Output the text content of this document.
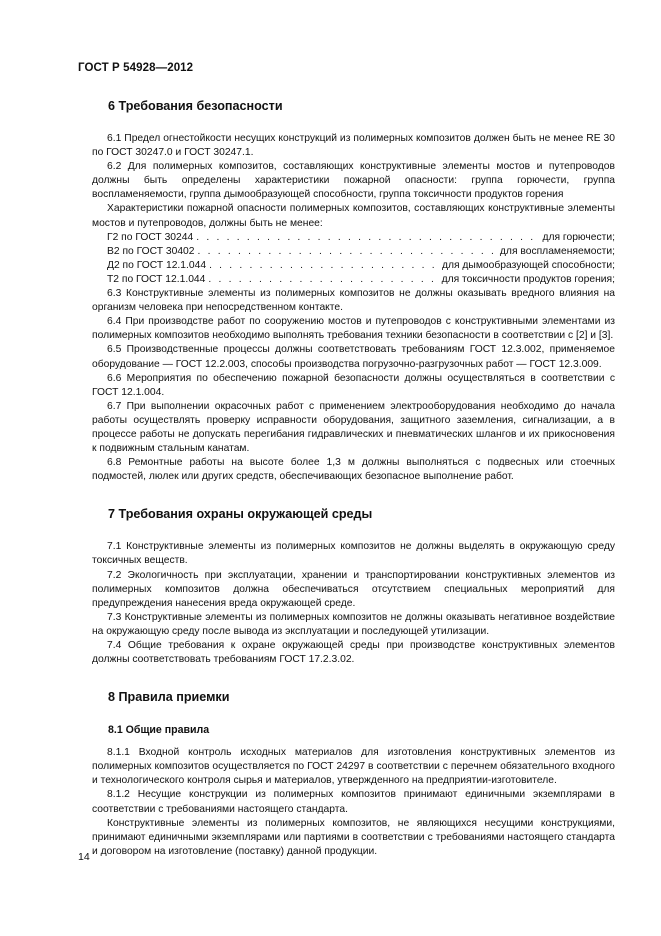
ГОСТ Р 54928—2012
6 Требования безопасности

6.1 Предел огнестойкости несущих конструкций из полимерных композитов должен быть не менее RE 30 по ГОСТ 30247.0 и ГОСТ 30247.1.

6.2 Для полимерных композитов, составляющих конструктивные элементы мостов и путепроводов должны быть определены характеристики пожарной опасности: группа горючести, группа воспламеняемости, группа дымообразующей способности, группа токсичности продуктов горения

Характеристики пожарной опасности полимерных композитов, составляющих конструктивные элементы мостов и путепроводов, должны быть не менее:

Г2 по ГОСТ 30244 . . .	для горючести;
В2 по ГОСТ 30402 . . .	для воспламеняемости;
Д2 по ГОСТ 12.1.044 . . .	для дымообразующей способности;
Т2 по ГОСТ 12.1.044 . . .	для токсичности продуктов горения;

6.3 Конструктивные элементы из полимерных композитов не должны оказывать вредного влияния на организм человека при непосредственном контакте.

6.4 При производстве работ по сооружению мостов и путепроводов с конструктивными элементами из полимерных композитов необходимо выполнять требования техники безопасности в соответствии с [2] и [3].

6.5 Производственные процессы должны соответствовать требованиям ГОСТ 12.3.002, применяемое оборудование — ГОСТ 12.2.003, способы производства погрузочно-разгрузочных работ — ГОСТ 12.3.009.

6.6 Мероприятия по обеспечению пожарной безопасности должны осуществляться в соответствии с ГОСТ 12.1.004.

6.7 При выполнении окрасочных работ с применением электрооборудования необходимо до начала работы осуществлять проверку исправности оборудования, защитного заземления, сигнализации, а в процессе работы не допускать перегибания гидравлических и пневматических шлангов и их прикосновения к подвижным стальным канатам.

6.8 Ремонтные работы на высоте более 1,3 м должны выполняться с подвесных или стоечных подмостей, люлек или других средств, обеспечивающих безопасное выполнение работ.

7 Требования охраны окружающей среды

7.1 Конструктивные элементы из полимерных композитов не должны выделять в окружающую среду токсичных веществ.

7.2 Экологичность при эксплуатации, хранении и транспортировании конструктивных элементов из полимерных композитов должна обеспечиваться отсутствием специальных мероприятий для предупреждения нанесения вреда окружающей среде.

7.3 Конструктивные элементы из полимерных композитов не должны оказывать негативное воздействие на окружающую среду после вывода из эксплуатации и последующей утилизации.

7.4 Общие требования к охране окружающей среды при производстве конструктивных элементов должны соответствовать требованиям ГОСТ 17.2.3.02.

8 Правила приемки
8.1 Общие правила

8.1.1 Входной контроль исходных материалов для изготовления конструктивных элементов из полимерных композитов осуществляется по ГОСТ 24297 в соответствии с перечнем обязательного входного и технологического контроля сырья и материалов, утвержденного на предприятии-изготовителе.

8.1.2 Несущие конструкции из полимерных композитов принимают единичными экземплярами в соответствии с требованиями настоящего стандарта.

Конструктивные элементы из полимерных композитов, не являющихся несущими конструкциями, принимают единичными экземплярами или партиями в соответствии с требованиями настоящего стандарта и договором на изготовление (поставку) данной продукции.

14
